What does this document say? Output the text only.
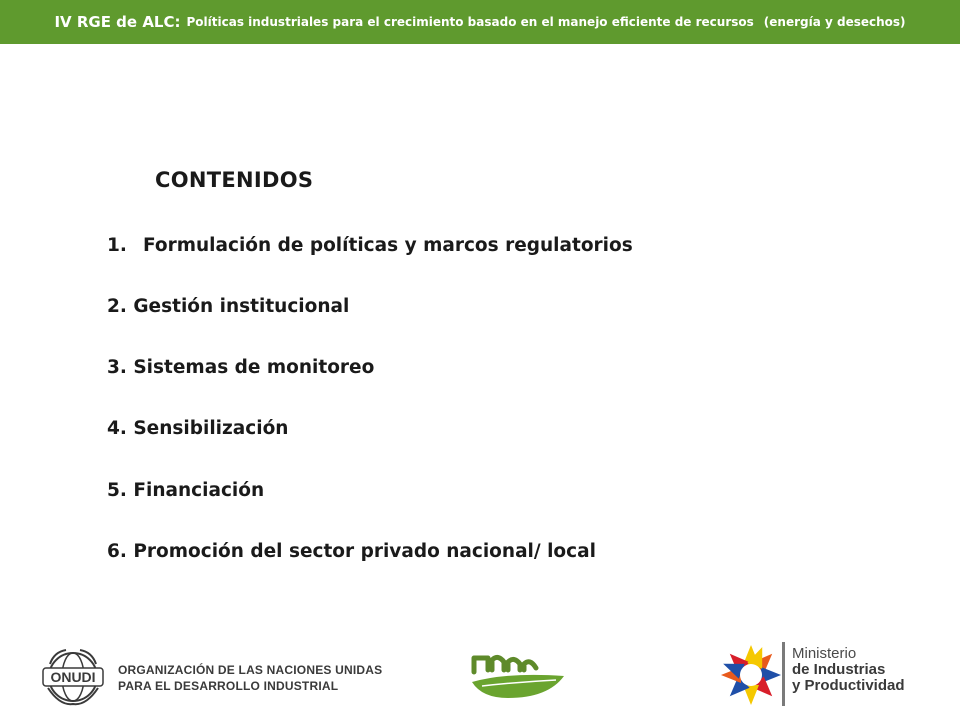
IV RGE de ALC: Políticas industriales para el crecimiento basado en el manejo eficiente de recursos (energía y desechos)
CONTENIDOS
1. Formulación de políticas y marcos regulatorios
2. Gestión institucional
3. Sistemas de monitoreo
4. Sensibilización
5. Financiación
6. Promoción del sector privado nacional/ local
ONUDI ORGANIZACIÓN DE LAS NACIONES UNIDAS
PARA EL DESARROLLO INDUSTRIAL
Ministerio
de Industrias
y Productividad
